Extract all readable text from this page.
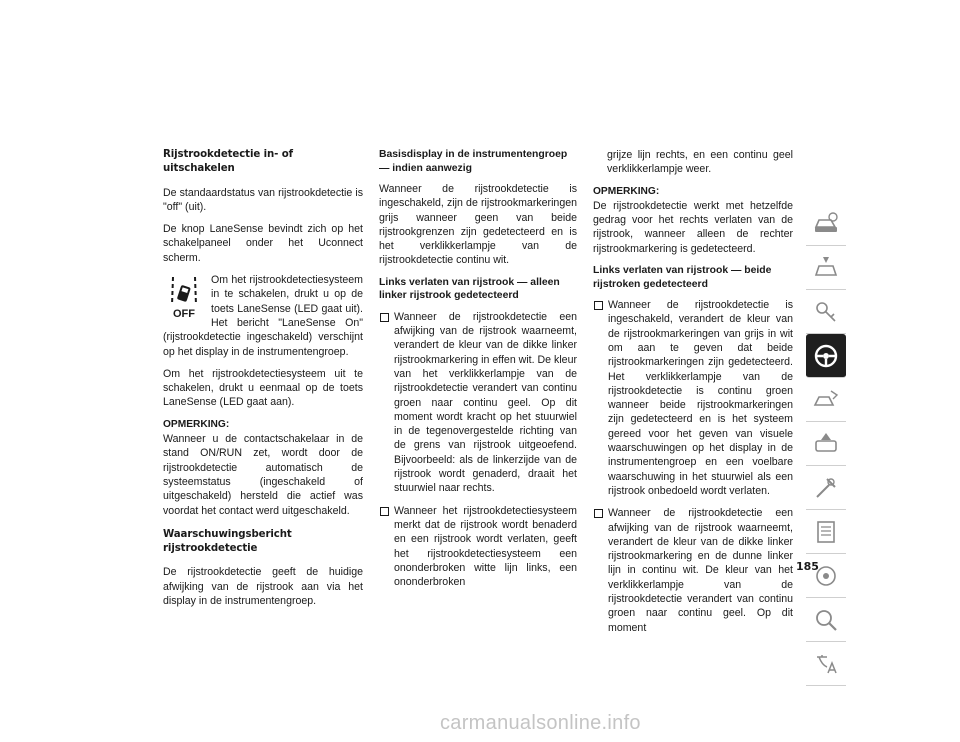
Rijstrookdetectie in- of uitschakelen

De standaardstatus van rijstrookdetectie is "off" (uit).

De knop LaneSense bevindt zich op het schakelpaneel onder het Uconnect scherm.

OFF
Om het rijstrookdetectiesysteem in te schakelen, drukt u op de toets LaneSense (LED gaat uit). Het bericht "LaneSense On" (rijstrookdetectie ingeschakeld) verschijnt op het display in de instrumentengroep.

Om het rijstrookdetectiesysteem uit te schakelen, drukt u eenmaal op de toets LaneSense (LED gaat aan).

OPMERKING:

Wanneer u de contactschakelaar in de stand ON/RUN zet, wordt door de rijstrookdetectie automatisch de systeemstatus (ingeschakeld of uitgeschakeld) hersteld die actief was voordat het contact werd uitgeschakeld.

Waarschuwingsbericht rijstrookdetectie

De rijstrookdetectie geeft de huidige afwijking van de rijstrook aan via het display in de instrumentengroep.

Basisdisplay in de instrumentengroep — indien aanwezig

Wanneer de rijstrookdetectie is ingeschakeld, zijn de rijstrookmarkeringen grijs wanneer geen van beide rijstrookgrenzen zijn gedetecteerd en is het verklikkerlampje van de rijstrookdetectie continu wit.

Links verlaten van rijstrook — alleen linker rijstrook gedetecteerd
Wanneer de rijstrookdetectie een afwijking van de rijstrook waarneemt, verandert de kleur van de dikke linker rijstrookmarkering in effen wit. De kleur van het verklikkerlampje van de rijstrookdetectie verandert van continu groen naar continu geel. Op dit moment wordt kracht op het stuurwiel in de tegenovergestelde richting van de grens van rijstrook uitgeoefend. Bijvoorbeeld: als de linkerzijde van de rijstrook wordt genaderd, draait het stuurwiel naar rechts.
Wanneer het rijstrookdetectiesysteem merkt dat de rijstrook wordt benaderd en een rijstrook wordt verlaten, geeft het rijstrookdetectiesysteem een ononderbroken witte lijn links, een ononderbroken

grijze lijn rechts, en een continu geel verklikkerlampje weer.

OPMERKING:

De rijstrookdetectie werkt met hetzelfde gedrag voor het rechts verlaten van de rijstrook, wanneer alleen de rechter rijstrookmarkering is gedetecteerd.

Links verlaten van rijstrook — beide rijstroken gedetecteerd
Wanneer de rijstrookdetectie is ingeschakeld, verandert de kleur van de rijstrookmarkeringen van grijs in wit om aan te geven dat beide rijstrookmarkeringen zijn gedetecteerd. Het verklikkerlampje van de rijstrookdetectie is continu groen wanneer beide rijstrookmarkeringen zijn gedetecteerd en is het systeem gereed voor het geven van visuele waarschuwingen op het display in de instrumentengroep en een voelbare waarschuwing in het stuurwiel als een rijstrook onbedoeld wordt verlaten.
Wanneer de rijstrookdetectie een afwijking van de rijstrook waarneemt, verandert de kleur van de dikke linker rijstrookmarkering en de dunne linker lijn in continu wit. De kleur van het verklikkerlampje van de rijstrookdetectie verandert van continu groen naar continu geel. Op dit moment
185
carmanualsonline.info
